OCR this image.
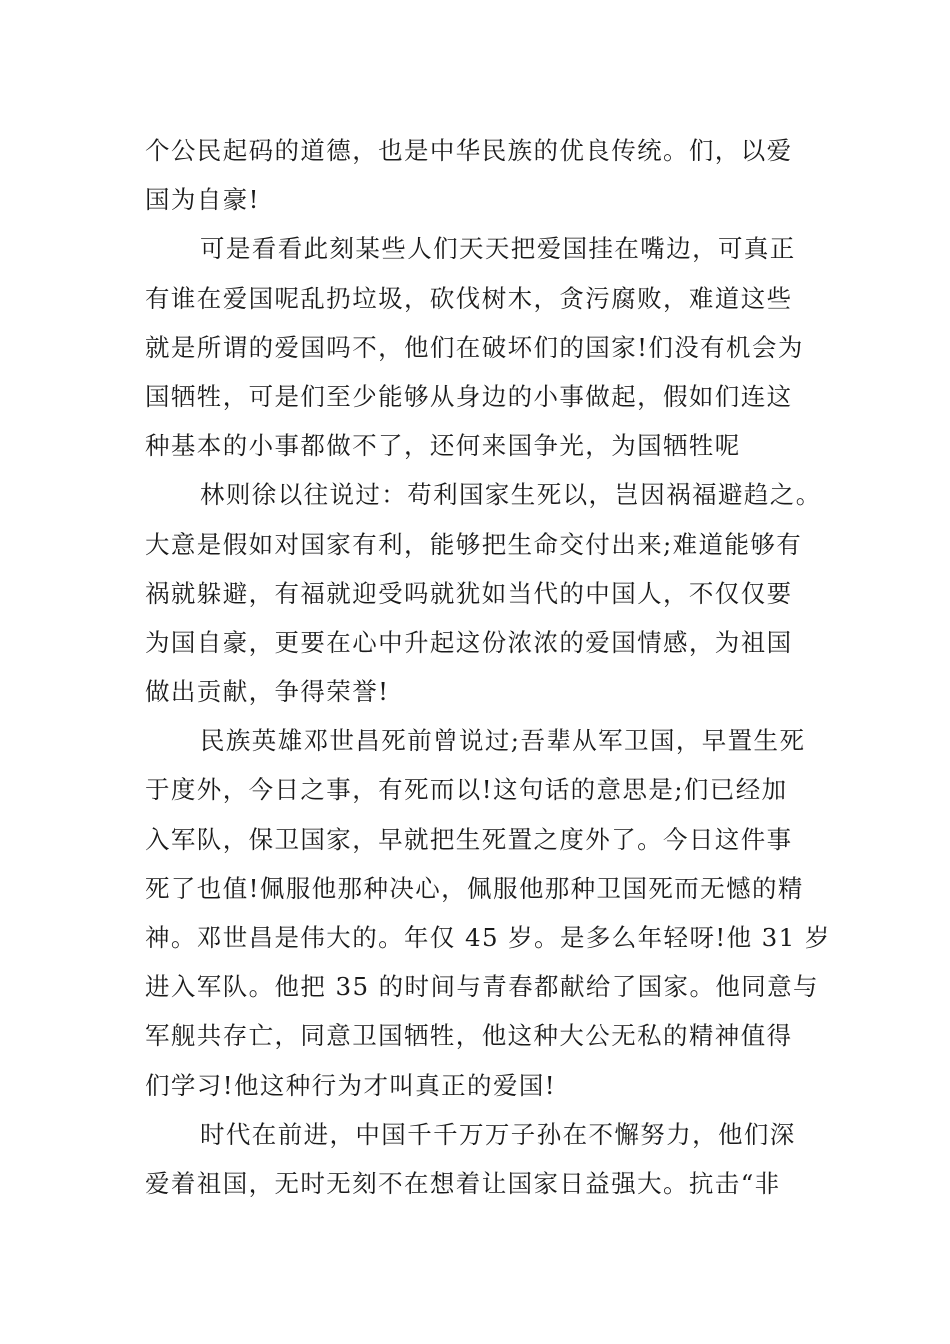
个公民起码的道德，也是中华民族的优良传统。们，以爱
国为自豪!
可是看看此刻某些人们天天把爱国挂在嘴边，可真正
有谁在爱国呢乱扔垃圾，砍伐树木，贪污腐败，难道这些
就是所谓的爱国吗不，他们在破坏们的国家!们没有机会为
国牺牲，可是们至少能够从身边的小事做起，假如们连这
种基本的小事都做不了，还何来国争光，为国牺牲呢
林则徐以往说过：苟利国家生死以，岂因祸福避趋之。
大意是假如对国家有利，能够把生命交付出来;难道能够有
祸就躲避，有福就迎受吗就犹如当代的中国人，不仅仅要
为国自豪，更要在心中升起这份浓浓的爱国情感，为祖国
做出贡献，争得荣誉!
民族英雄邓世昌死前曾说过;吾辈从军卫国，早置生死
于度外，今日之事，有死而以!这句话的意思是;们已经加
入军队，保卫国家，早就把生死置之度外了。今日这件事
死了也值!佩服他那种决心，佩服他那种卫国死而无憾的精
神。邓世昌是伟大的。年仅 45 岁。是多么年轻呀!他 31 岁
进入军队。他把 35 的时间与青春都献给了国家。他同意与
军舰共存亡，同意卫国牺牲，他这种大公无私的精神值得
们学习!他这种行为才叫真正的爱国!
时代在前进，中国千千万万子孙在不懈努力，他们深
爱着祖国，无时无刻不在想着让国家日益强大。抗击“非
